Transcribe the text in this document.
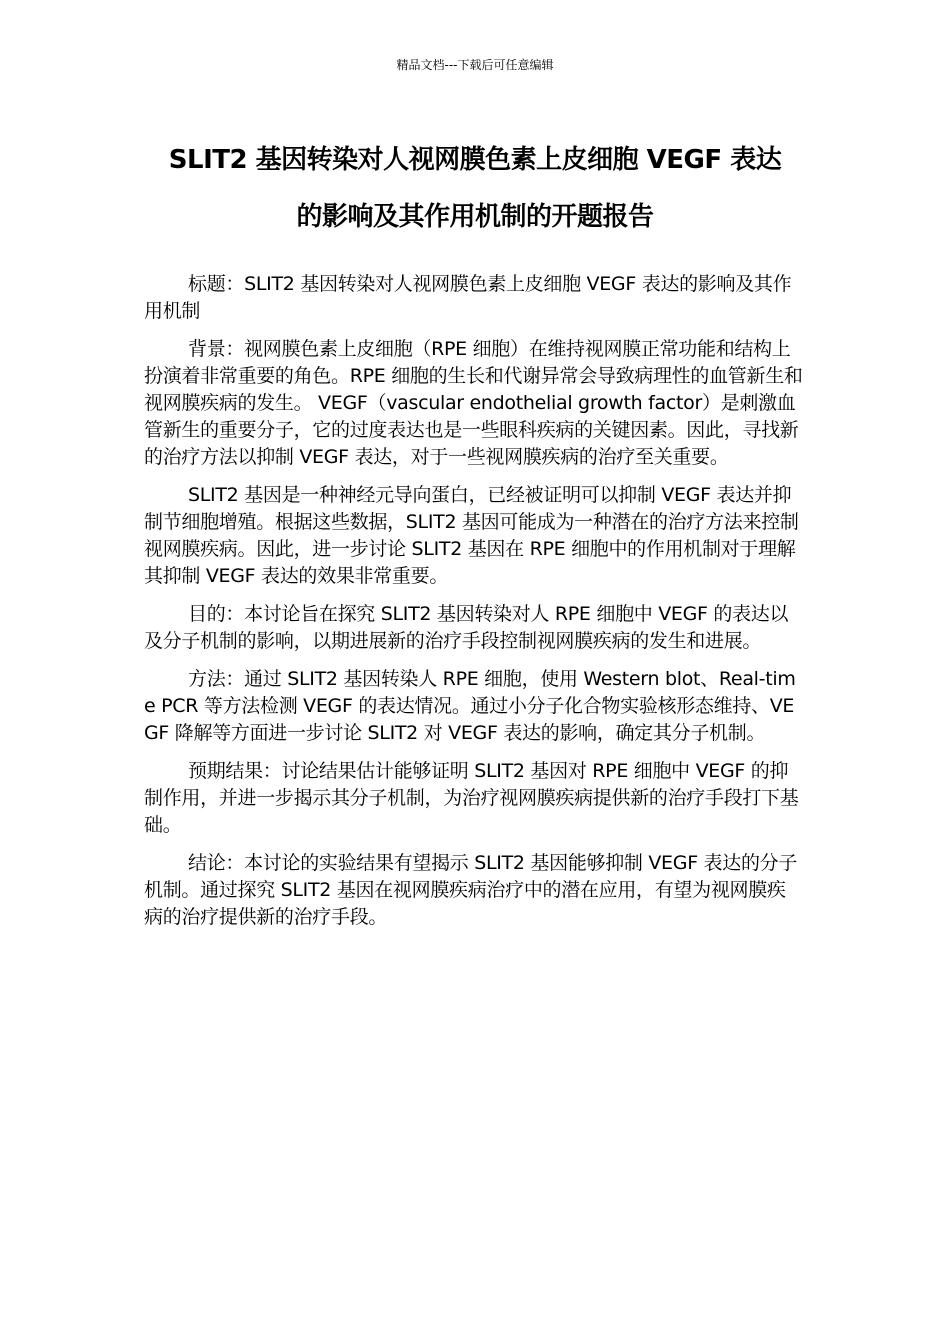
精品文档---下载后可任意编辑
SLIT2 基因转染对人视网膜色素上皮细胞 VEGF 表达
的影响及其作用机制的开题报告

标题：SLIT2 基因转染对人视网膜色素上皮细胞 VEGF 表达的影响及其作用机制

背景：视网膜色素上皮细胞（RPE 细胞）在维持视网膜正常功能和结构上扮演着非常重要的角色。RPE 细胞的生长和代谢异常会导致病理性的血管新生和视网膜疾病的发生。 VEGF（vascular endothelial growth factor）是刺激血管新生的重要分子，它的过度表达也是一些眼科疾病的关键因素。因此，寻找新的治疗方法以抑制 VEGF 表达，对于一些视网膜疾病的治疗至关重要。

SLIT2 基因是一种神经元导向蛋白，已经被证明可以抑制 VEGF 表达并抑制节细胞增殖。根据这些数据，SLIT2 基因可能成为一种潜在的治疗方法来控制视网膜疾病。因此，进一步讨论 SLIT2 基因在 RPE 细胞中的作用机制对于理解其抑制 VEGF 表达的效果非常重要。

目的：本讨论旨在探究 SLIT2 基因转染对人 RPE 细胞中 VEGF 的表达以及分子机制的影响，以期进展新的治疗手段控制视网膜疾病的发生和进展。

方法：通过 SLIT2 基因转染人 RPE 细胞，使用 Western blot、Real-time PCR 等方法检测 VEGF 的表达情况。通过小分子化合物实验核形态维持、VEGF 降解等方面进一步讨论 SLIT2 对 VEGF 表达的影响，确定其分子机制。

预期结果：讨论结果估计能够证明 SLIT2 基因对 RPE 细胞中 VEGF 的抑制作用，并进一步揭示其分子机制，为治疗视网膜疾病提供新的治疗手段打下基础。

结论：本讨论的实验结果有望揭示 SLIT2 基因能够抑制 VEGF 表达的分子机制。通过探究 SLIT2 基因在视网膜疾病治疗中的潜在应用，有望为视网膜疾病的治疗提供新的治疗手段。
